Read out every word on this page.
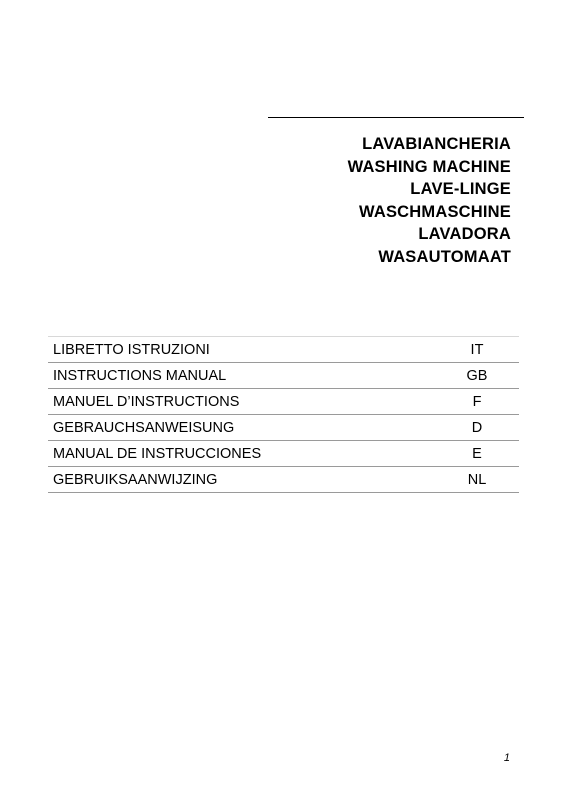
LAVABIANCHERIA
WASHING MACHINE
LAVE-LINGE
WASCHMASCHINE
LAVADORA
WASAUTOMAAT
LIBRETTO ISTRUZIONI	IT
INSTRUCTIONS MANUAL	GB
MANUEL D’INSTRUCTIONS	F
GEBRAUCHSANWEISUNG	D
MANUAL DE INSTRUCCIONES	E
GEBRUIKSAANWIJZING	NL
1
